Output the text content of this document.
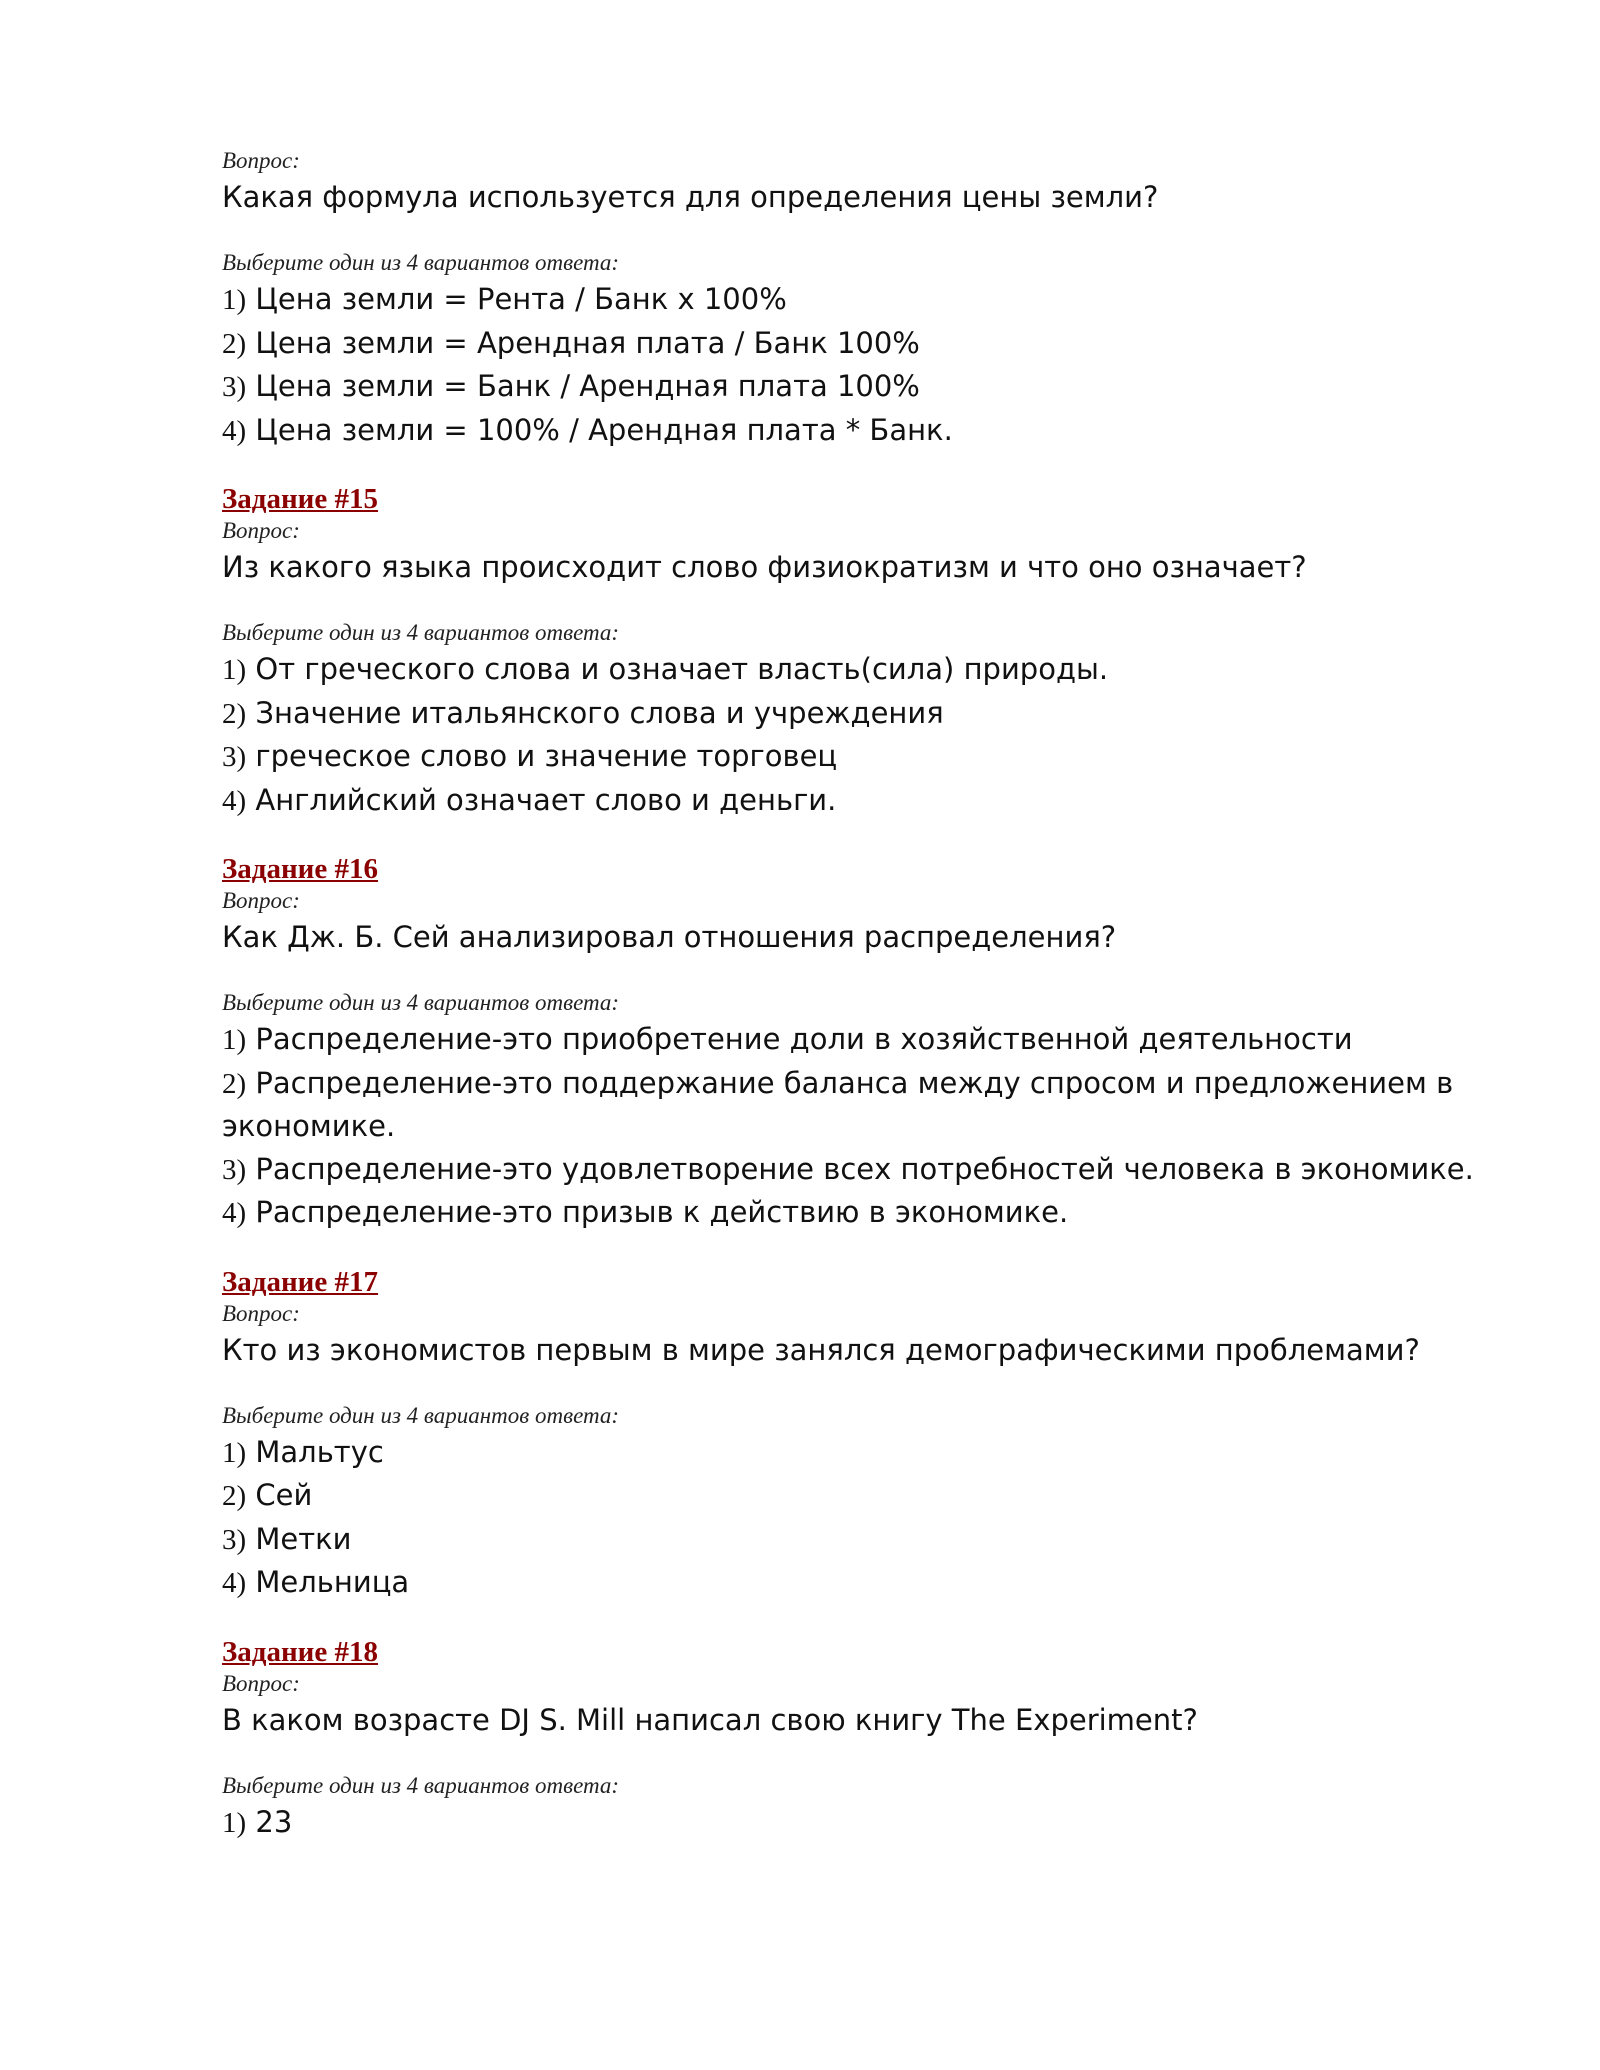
Вопрос:
Какая формула используется для определения цены земли?
Выберите один из 4 вариантов ответа:
1) Цена земли = Рента / Банк х 100%
2) Цена земли = Арендная плата / Банк 100%
3) Цена земли = Банк / Арендная плата 100%
4) Цена земли = 100% / Арендная плата * Банк.
Задание #15
Вопрос:
Из какого языка происходит слово физиократизм и что оно означает?
Выберите один из 4 вариантов ответа:
1) От греческого слова и означает власть(сила) природы.
2) Значение итальянского слова и учреждения
3) греческое слово и значение торговец
4) Английский означает слово и деньги.
Задание #16
Вопрос:
Как Дж. Б. Сей анализировал отношения распределения?
Выберите один из 4 вариантов ответа:
1) Распределение-это приобретение доли в хозяйственной деятельности
2) Распределение-это поддержание баланса между спросом и предложением в экономике.
3) Распределение-это удовлетворение всех потребностей человека в экономике.
4) Распределение-это призыв к действию в экономике.
Задание #17
Вопрос:
Кто из экономистов первым в мире занялся демографическими проблемами?
Выберите один из 4 вариантов ответа:
1) Мальтус
2) Сей
3) Метки
4) Мельница
Задание #18
Вопрос:
В каком возрасте DJ S. Mill написал свою книгу The Experiment?
Выберите один из 4 вариантов ответа:
1) 23
